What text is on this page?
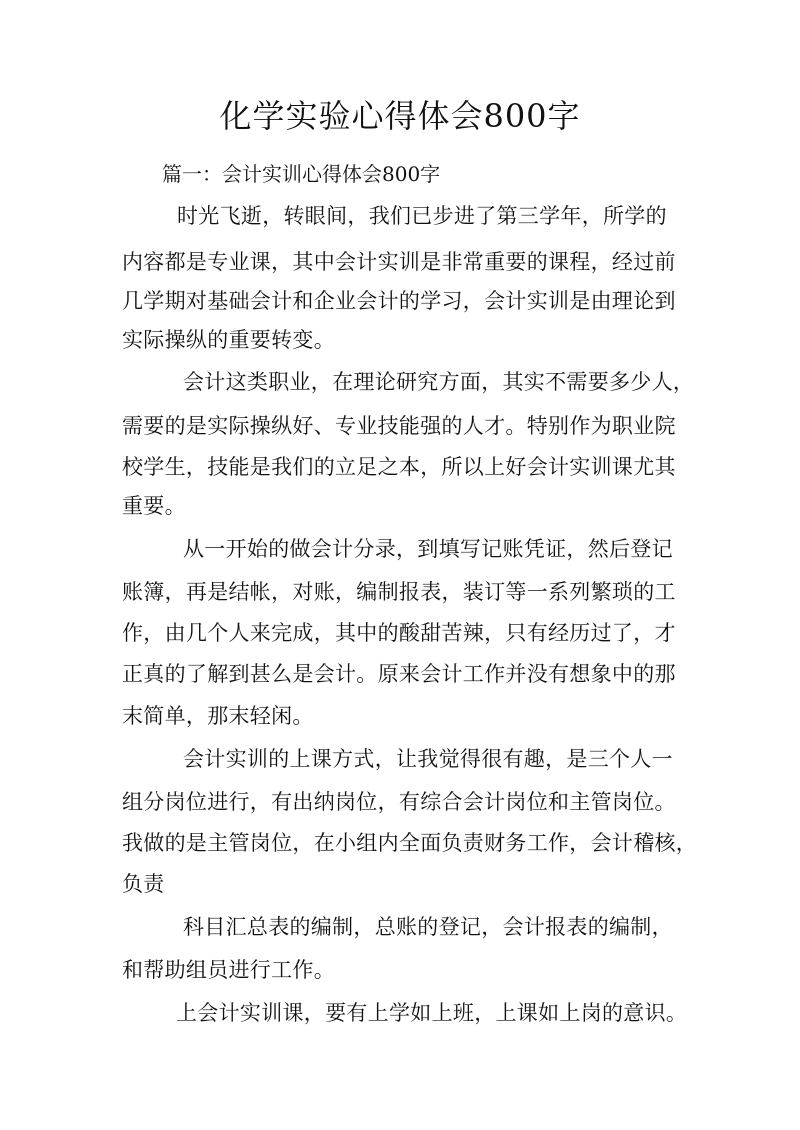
化学实验心得体会800字

篇一：会计实训心得体会800字

时光飞逝，转眼间，我们已步进了第三学年，所学的

内容都是专业课，其中会计实训是非常重要的课程，经过前

几学期对基础会计和企业会计的学习，会计实训是由理论到

实际操纵的重要转变。

会计这类职业，在理论研究方面，其实不需要多少人，

需要的是实际操纵好、专业技能强的人才。特别作为职业院

校学生，技能是我们的立足之本，所以上好会计实训课尤其

重要。

从一开始的做会计分录，到填写记账凭证，然后登记

账簿，再是结帐，对账，编制报表，装订等一系列繁琐的工

作，由几个人来完成，其中的酸甜苦辣，只有经历过了，才

正真的了解到甚么是会计。原来会计工作并没有想象中的那

末简单，那末轻闲。

会计实训的上课方式，让我觉得很有趣，是三个人一

组分岗位进行，有出纳岗位，有综合会计岗位和主管岗位。

我做的是主管岗位，在小组内全面负责财务工作，会计稽核，

负责

科目汇总表的编制，总账的登记，会计报表的编制，

和帮助组员进行工作。

上会计实训课，要有上学如上班，上课如上岗的意识。
